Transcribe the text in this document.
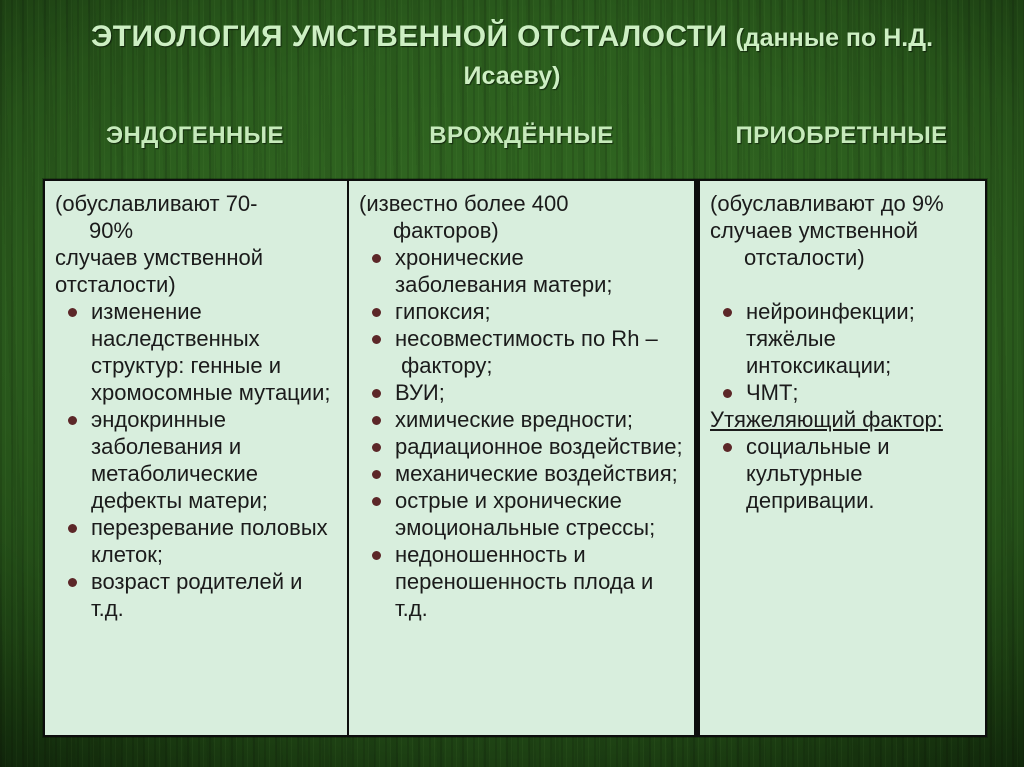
ЭТИОЛОГИЯ УМСТВЕННОЙ ОТСТАЛОСТИ (данные по Н.Д.
Исаеву)
ЭНДОГЕННЫЕ	ВРОЖДЁННЫЕ	ПРИОБРЕТННЫЕ
(обуславливают 70-
90%
случаев умственной
отсталости)
изменение наследственных структур: генные и хромосомные мутации;
эндокринные заболевания и метаболические дефекты матери;
перезревание половых клеток;
возраст родителей и т.д.
(известно более 400
факторов)
хронические заболевания матери;
гипоксия;
несовместимость по Rh – фактору;
ВУИ;
химические вредности;
радиационное воздействие;
механические воздействия;
острые и хронические эмоциональные стрессы;
недоношенность и переношенность плода и т.д.
(обуславливают до 9%
случаев умственной
отсталости)
нейроинфекции; тяжёлые интоксикации;
ЧМТ;
Утяжеляющий фактор:
социальные и культурные депривации.
